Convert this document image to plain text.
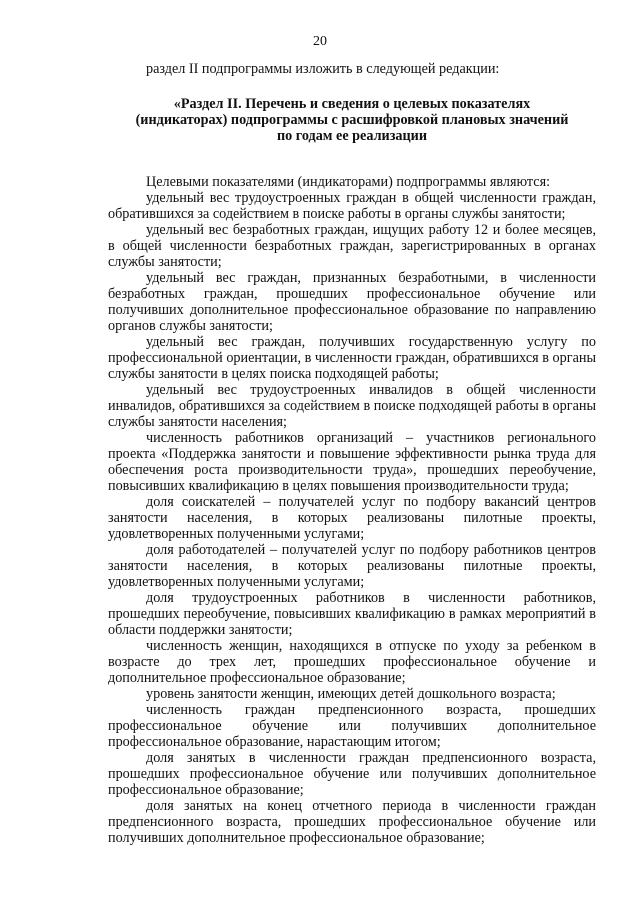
20

раздел II подпрограммы изложить в следующей редакции:

«Раздел II. Перечень и сведения о целевых показателях
(индикаторах) подпрограммы с расшифровкой плановых значений
по годам ее реализации

Целевыми показателями (индикаторами) подпрограммы являются:

удельный вес трудоустроенных граждан в общей численности граждан, обратившихся за содействием в поиске работы в органы службы занятости;

удельный вес безработных граждан, ищущих работу 12 и более месяцев, в общей численности безработных граждан, зарегистрированных в органах службы занятости;

удельный вес граждан, признанных безработными, в численности безработных граждан, прошедших профессиональное обучение или получивших дополнительное профессиональное образование по направлению органов службы занятости;

удельный вес граждан, получивших государственную услугу по профессиональной ориентации, в численности граждан, обратившихся в органы службы занятости в целях поиска подходящей работы;

удельный вес трудоустроенных инвалидов в общей численности инвалидов, обратившихся за содействием в поиске подходящей работы в органы службы занятости населения;

численность работников организаций – участников регионального проекта «Поддержка занятости и повышение эффективности рынка труда для обеспечения роста производительности труда», прошедших переобучение, повысивших квалификацию в целях повышения производительности труда;

доля соискателей – получателей услуг по подбору вакансий центров занятости населения, в которых реализованы пилотные проекты, удовлетворенных полученными услугами;

доля работодателей – получателей услуг по подбору работников центров занятости населения, в которых реализованы пилотные проекты, удовлетворенных полученными услугами;

доля трудоустроенных работников в численности работников, прошедших переобучение, повысивших квалификацию в рамках мероприятий в области поддержки занятости;

численность женщин, находящихся в отпуске по уходу за ребенком в возрасте до трех лет, прошедших профессиональное обучение и дополнительное профессиональное образование;

уровень занятости женщин, имеющих детей дошкольного возраста;

численность граждан предпенсионного возраста, прошедших профессиональное обучение или получивших дополнительное профессиональное образование, нарастающим итогом;

доля занятых в численности граждан предпенсионного возраста, прошедших профессиональное обучение или получивших дополнительное профессиональное образование;

доля занятых на конец отчетного периода в численности граждан предпенсионного возраста, прошедших профессиональное обучение или получивших дополнительное профессиональное образование;
